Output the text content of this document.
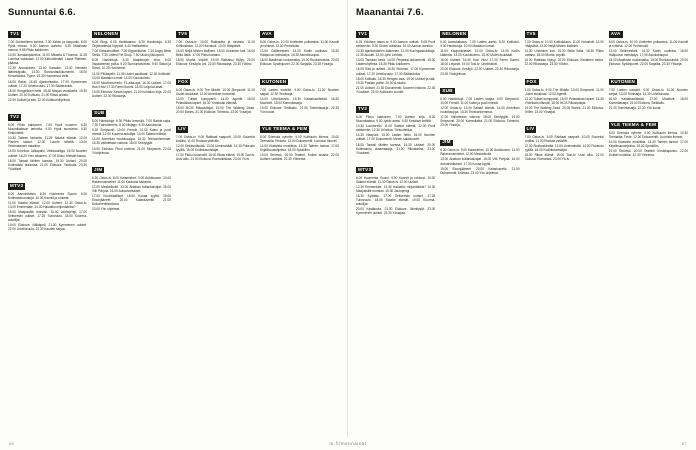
Sunnuntai 6.6.
TV1

7.00 Suhteellinen kohina. 7.30 Kirkko ja kaupunki. 8.00 Pyhä messu. 9.00 Aamun aurinko. 9.25 Maailman menoa. 9.55 Pikku kakkonen.

10.00 Jumalanpalvelus. 11.00 Mikaela & Thomas. 11.25 Luontoa vakavasti. 12.00 Kirkoniämärit. Lasse Raitinen, pääosa.

12.30 Annuskinen. 13.00 Karaoke. 13.30 Hämeen lääninkilpailu. 14.30 Sunnuntaidokumentti. 15.00 Kenonkkisia. Tyyne. 15.30 Huomenna vielä.

16.00 Raksi. 16.45 Ajankohtaisia. 17.00 Kymmenen uutiset. 17.20 Urheiluruutu. 17.30 Säätiedotus.

18.00 Hengellinen hetki. 18.30 Marjan vuosikerta. 19.30 Uutiset. 20.00 Kotikatu. 21.00 Elävä arkisto.

22.00 Uutiset ja sää. 22.30 Kulttuuriohjelmat.

TV2

6.00 Pikku kakkonen. 7.00 Hyvä huomen. 8.30 Muumilaakson tarinoita. 9.00 Hyvä sunnuntai. 9.30 Kirkkohetki.

10.30 Taiteen tarinoita. 11.25 Salatut elämät. 12.00 Pienten taskut. 12.30 Luonto lähellä. 13.00 Vedenalainen maailma.

14.00 Urheilua: Jalkapallo, Veikkausliiga. 16.00 Nuorten uutiset. 16.20 Ylen aikainen. 17.00 Doku: Metsän kansa.

18.00 Tanssii tähtien kanssa. 19.30 Uutiset. 20.00 Kotimaista draamaa. 21.00 Elokuva: Talvisota. 23.30 Yöuutiset.

MTV3

6.00 Aamuhitaisin. 8.30 Huomenta Suomi. 9.00 Kotimaista makuja. 10.00 Kauniit ja rohkeat.

11.00 Salatut elämät. 12.00 Uutiset. 12.30 Ostos-tv. 13.00 Emmerdale. 14.00 Haluatko miljonääriksi?

15.00 Maajussille morsian. 16.00 Jauhojengi. 17.00 Seitsemän uutiset. 17.25 Tulosruutu. 18.00 Kuorma-autoilijat.

19.00 Elokuva: Nälkäpeli. 21.30 Kymmenen uutiset. 22.00 Urheiluruutu. 22.30 Kauden sarjaa.

NELONEN

6.00 Blogi. 6.05 Harkitaanko. 6.30 Hankintoja. 6.30 Ohjelmatiedot löytyvät. 6.40 Hailisattelut.

7.00 Kansainväliset. 7.20 Kipparikurssi. 7.20 Angry Birds Stella. 7.30 Littlest Pet Shop. 7.50 Uudet pikkuponit.

8.05 Hankintoja. 8.30 Maailmojen eloa. 9.00 Vapaaherran poika. 9.20 Sunnuntaivieras. 9.50 Siskot ja Simot. 10.25 Hoviherrat.

11.00 Pilkkapelit. 11.45 Uudet asukkaat. 12.30 Kotikokit. 13.00 Maatalon lomat. 14.00 Koulukolmio.

15.00 Moottoriurheilu: F1-aika-ajot. 16.30 Uutiset. 17.00 Hus! Hus! 17.30 Farmi Suomi. 18.00 Leijonat-kisat.

19.00 Elokuva: Kesän lapset. 21.00 Kohtalon kirja. 22.00 Uutiset. 22.30 Rikosarja.

SUB

6.00 Hankintoja. 6.30 Pikku lemmikit. 7.00 Barbie-sarja. 7.30 Transformers. 8.00 Ninjago. 8.30 Aamuhuvia.

9.30 Simpsonit. 10.00 Frendit. 11.00 Kaksi ja puoli miestä. 12.00 Kuorma-autoilijat. 13.00 Salatut elämät.

14.00 Amerikan huutokauppa. 15.30 Teinivanhemmat. 16.30 Vaihdetaan vaimoa. 18.00 Selviytyjät.

19.00 Elokuva: Pieni unelma. 21.00 Simpsonit. 22.00 Yöohjelmaa.

JIM

6.30 Ostos-tv. 8.00 Kalamiehet. 9.00 Autokuume. 10.00 Rakennusmiehet. 11.00 Kaukana kaikesta.

12.00 Mestarikokit. 13.00 Alaskan kullankaivajat. 15.00 Villi Pohjola. 16.00 Autoarvoitukset.

17.00 Kuninkaalliset. 18.00 Kovaa kyytiä. 19.00 Eloonjääneet. 20.00 Kalastusretki. 21.00 Dokumenttielokuva.

23.00 Yön ohjelmat.

TV5

7.00 Ostos-tv. 10.00 Rakkautta ja rikoksia. 11.00 Kotikokkaus. 12.00 Hoivakoti. 13.00 Hääpäivä.

14.00 Neljä tähden illallinen. 15.00 Unelmien koti. 16.00 Bella Italia. 17.00 Pikku kartano.

18.00 Murha, kirjoitti. 19.00 Ratkaisu löytyy. 20.00 Elokuva: Kesäyön uni. 22.00 Rikossarja. 23.30 Yökino.

FOX

6.00 Ostos-tv. 9.00 The Middle. 10.00 Simpsonit. 11.00 Uudet asukkaat. 12.00 Amerikan humoristi.

13.00 Tuliset kumppanit. 14.00 Agentit. 15.00 Pelastakaa lapset. 16.30 Yhdeksän elämää.

18.00 NCIS Rikostutkijat. 19.00 The Walking Dead. 20.00 Bones. 21.00 Elokuva: Toiminta. 23.00 Yösarjat.

LIV

7.00 Ostos-tv. 9.00 Rakkaat naapurit. 10.00 Suureksi kodiksi. 11.00 Ruokaa ystäville.

12.00 Sinkkuelämää. 13.00 Unelmahäät. 14.30 Pukeudu tyylillä. 16.00 Kodinkaunistajat.

17.00 Pikku huushollit. 18.00 Rikas elämä. 19.00 Tosi-tv: Uusi alku. 21.00 Elokuva: Romantiikkaa. 23.00 Yö-tv.

AVA

8.00 Ostos-tv. 10.00 Unelmien poikamies. 11.00 Kauniit ja rohkeat. 12.00 Perhekokit.

13.00 Grillimestarit. 14.00 Kodin uudistus. 15.30 Hääpuvun metsästys. 16.30 Asuntokaupat.

18.00 Maailman ruokamatka. 19.00 Ruokamuistot. 20.00 Elokuva: Sydänjuuret. 22.00 Sarjailta. 23.30 Yösarja.

KUTONEN

7.00 Lasten suosikit. 9.00 Ostos-tv. 11.00 Nuorten sarjaa. 12.30 Teinisarja.

14.00 Urheilukuvia. 15.30 Kalastuselämää. 16.30 Moottorit. 18.00 Komediasarja.

19.00 Elokuva: Seikkailu. 21.00 Toimintasarja. 22.30 Yön kuvat.

YLE TEEMA & FEM

8.00 Svenska nyheter. 9.00 Kulttuurin kierros. 10.00 Teemailta: Historia. 12.00 Dokumentti: Luonnon ihmeet.

14.00 Klassista musiikkia. 15.30 Taiteen tarinat. 17.00 Kirjallisuusohjelma. 18.00 Sprakfilm.

19.00 Strömsö. 20.00 Teatteri: Kolme sisarta. 22.00 Uutiset ruotsiksi. 22.30 Yöteema.

Maanantai 7.6.
TV1

6.25 Ykkösen aamu-tv. 9.00 Aamun uutiset. 9.05 Puoli seitsemän. 9.30 Suomi uutisissa. 10.00 Aamun aurinko.

10.30 Ajankohtainen kakkonen. 11.00 Kuningaskuluttaja. 11.30 Akuutti. 12.00 Jyrki Lehtola.

13.00 Tanskan kesä. 14.00 Perjantai-dokumentti. 15.00 Lastenohjelmia. 15.30 Pikku kakkonen.

16.00 Sää ja uutiset. 16.30 Strömsö. 17.00 Kymmenen uutiset. 17.20 Urheiluruutu. 17.30 Säätiedotus.

18.00 Kotikatu. 18.30 Hengen asia. 19.00 Uutiset ja sää. 19.30 Pasilan poliisi. 20.00 A-studio.

21.00 Uutiset. 21.30 Dokumentti: Suomen historia. 22.30 Yöuutiset. 23.00 Kulttuurin vuodet.

TV2

6.00 Pikku kakkonen. 7.00 Aamun kirja. 8.30 Muumilaakso. 9.00 Jyrkin aamu. 9.30 Kesäiset keittiöt.

10.30 Luontoretki. 11.00 Salatut elämät. 12.00 Puoli seitsemän. 12.30 Urheilua: Yleisurheilua.

14.30 Naapurit. 15.00 Lasten hetki. 16.00 Nuorten uutiset. 17.00 Dokumentti: Meren salaisuudet.

18.00 Tanssii tähtien kanssa. 19.30 Uutiset. 20.00 Kotimainen draamasarja. 21.00 Rikostarina. 23.00 Yöuutiset.

MTV3

6.00 Huomenta Suomi. 9.00 Kauniit ja rohkeat. 10.00 Salatut elämät. 11.00 Ostos-tv. 12.00 Uutiset.

12.30 Emmerdale. 13.30 Haluatko miljonääriksi? 14.30 Maajussille morsian. 15.30 Jauhojengi.

16.30 Kylätalo. 17.00 Seitsemän uutiset. 17.25 Tulosruutu. 18.00 Salatut elämät. 19.00 Kuorma-autoilijat.

20.00 Kesäkuvia. 21.00 Elokuva: Jännitystä. 23.00 Kymmenen uutiset. 23.30 Yösarjaa.

NELONEN

6.00 Aamukatsaus. 7.00 Lasten aamu. 8.30 Kotikokit. 9.30 Hankintoja. 10.00 Maatalon lomat.

11.00 Kaupunkilaiset. 12.00 Ostos-tv. 13.00 Kodin käännös. 14.00 Koulukolmio. 15.00 Uudet asukkaat.

16.00 Uutiset. 16.30 Hus! Hus! 17.00 Farmi Suomi. 18.00 Leijonat. 19.00 Tosi-tv: Unelmakoti.

20.00 Elokuva: Kesäyö. 22.00 Uutiset. 22.30 Rikossarja. 23.30 Yöohjelmaa.

SUB

6.00 Hankintoja. 7.00 Lasten sarjaa. 9.00 Simpsonit. 10.00 Frendit. 11.00 Kaksi ja puoli miestä.

12.00 Ostos-tv. 13.00 Salatut elämät. 14.00 Amerikan huutokauppa. 15.30 Teinivanhemmat.

17.00 Vaihdetaan vaimoa. 18.00 Selviytyjät. 19.00 Simpsonit. 20.00 Komediailta. 21.00 Elokuva: Toiminta. 23.00 Yösarja.

JIM

6.30 Ostos-tv. 9.00 Kalamiehet. 10.00 Autokuume. 11.00 Rakennusmiehet. 12.00 Mestarikokit.

13.00 Alaskan kullankaivajat. 15.00 Villi Pohjola. 16.00 Autoarvoitukset. 17.00 Kovaa kyytiä.

19.00 Eloonjääneet. 20.00 Kalastusretki. 21.00 Dokumentti: Erämaa. 23.00 Yön ohjelmat.

TV5

7.00 Ostos-tv. 10.00 Kotikokkaus. 11.00 Hoivakoti. 12.00 Hääpäivä. 13.00 Neljä tähden illallinen.

14.30 Unelmien koti. 15.30 Bella Italia. 16.30 Pikku kartano. 18.00 Murha, kirjoitti.

19.00 Ratkaisu löytyy. 20.00 Elokuva: Kesäinen tarina. 22.00 Rikossarja. 23.30 Yökino.

FOX

6.00 Ostos-tv. 9.00 The Middle. 10.00 Simpsonit. 11.00 Uudet asukkaat. 12.00 Agentit.

13.30 Tuliset kumppanit. 15.00 Pelastakaa lapset. 16.30 Yhdeksän elämää. 18.00 NCIS Rikostutkijat.

19.00 The Walking Dead. 20.00 Bones. 21.00 Elokuva: Trilleri. 23.00 Yösarjat.

LIV

7.00 Ostos-tv. 9.00 Rakkaat naapurit. 10.00 Suureksi kodiksi. 11.00 Ruokaa ystäville.

12.00 Sinkkuelämää. 13.00 Unelmahäät. 14.30 Pukeudu tyylillä. 16.00 Kodinkaunistajat.

18.00 Rikas elämä. 19.00 Tosi-tv: Uusi alku. 21.00 Elokuva: Romanssi. 23.00 Yö-tv.

AVA

8.00 Ostos-tv. 10.00 Unelmien poikamies. 11.00 Kauniit ja rohkeat. 12.00 Perhekokit.

13.00 Grillimestarit. 14.30 Kodin uudistus. 16.00 Hääpuvun metsästys. 17.00 Asuntokaupat.

18.00 Maailman ruokamatka. 19.00 Ruokamuistot. 20.00 Elokuva: Sydänjuuret. 22.00 Sarjailta. 23.30 Yösarja.

KUTONEN

7.00 Lasten suosikit. 9.00 Ostos-tv. 11.00 Nuorten sarjaa. 13.00 Teinisarja. 14.30 Urheilukuvia.

16.00 Kalastuselämää. 17.00 Moottorit. 18.00 Komediasarja. 19.00 Elokuva: Seikkailu.

21.00 Toimintasarja. 22.30 Yön kuvat.

YLE TEEMA & FEM

8.00 Svenska nyheter. 9.00 Kulttuurin kierros. 10.30 Teemailta: Tiede. 12.00 Dokumentti: Luonnon ihmeet.

14.00 Klassista musiikkia. 15.30 Taiteen tarinat. 17.00 Kirjallisuusohjelma. 18.00 Sprakfilm.

19.00 Strömsö. 20.00 Teatteri: Kirsikkapuisto. 22.00 Uutiset ruotsiksi. 22.30 Yöteema.

66	is.fi/mennaisat	67
